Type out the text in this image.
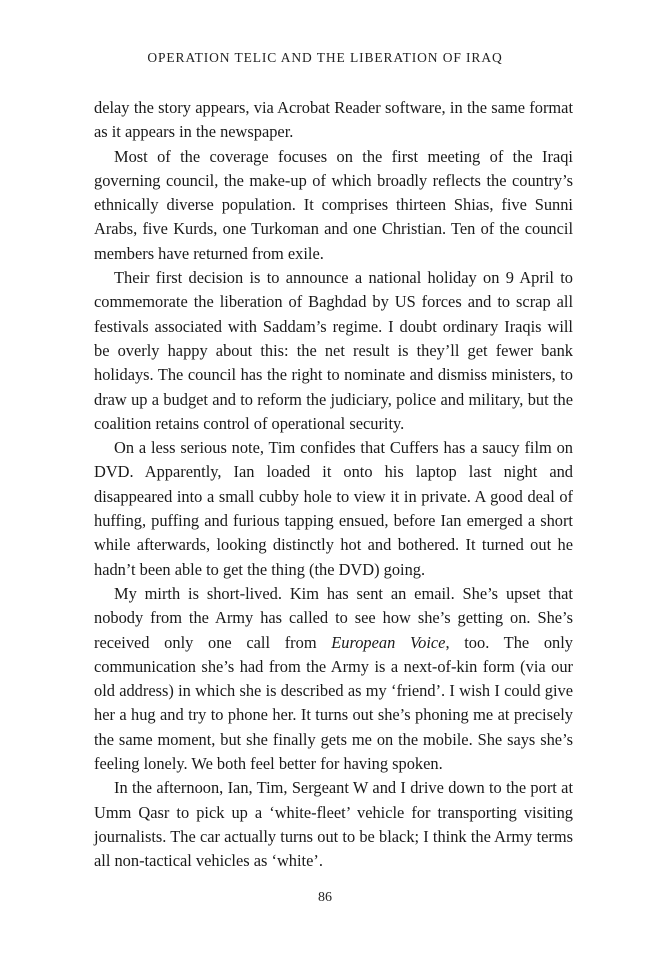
OPERATION TELIC AND THE LIBERATION OF IRAQ

delay the story appears, via Acrobat Reader software, in the same format as it appears in the newspaper.

Most of the coverage focuses on the first meeting of the Iraqi governing council, the make-up of which broadly reflects the country’s ethnically diverse population. It comprises thirteen Shias, five Sunni Arabs, five Kurds, one Turkoman and one Christian. Ten of the council members have returned from exile.

Their first decision is to announce a national holiday on 9 April to commemorate the liberation of Baghdad by US forces and to scrap all festivals associated with Saddam’s regime. I doubt ordinary Iraqis will be overly happy about this: the net result is they’ll get fewer bank holidays. The council has the right to nominate and dismiss ministers, to draw up a budget and to reform the judiciary, police and military, but the coalition retains control of operational security.

On a less serious note, Tim confides that Cuffers has a saucy film on DVD. Apparently, Ian loaded it onto his laptop last night and disappeared into a small cubby hole to view it in private. A good deal of huffing, puffing and furious tapping ensued, before Ian emerged a short while afterwards, looking distinctly hot and bothered. It turned out he hadn’t been able to get the thing (the DVD) going.

My mirth is short-lived. Kim has sent an email. She’s upset that nobody from the Army has called to see how she’s getting on. She’s received only one call from European Voice, too. The only communication she’s had from the Army is a next-of-kin form (via our old address) in which she is described as my ‘friend’. I wish I could give her a hug and try to phone her. It turns out she’s phoning me at precisely the same moment, but she finally gets me on the mobile. She says she’s feeling lonely. We both feel better for having spoken.

In the afternoon, Ian, Tim, Sergeant W and I drive down to the port at Umm Qasr to pick up a ‘white-fleet’ vehicle for transporting visiting journalists. The car actually turns out to be black; I think the Army terms all non-tactical vehicles as ‘white’.

86
